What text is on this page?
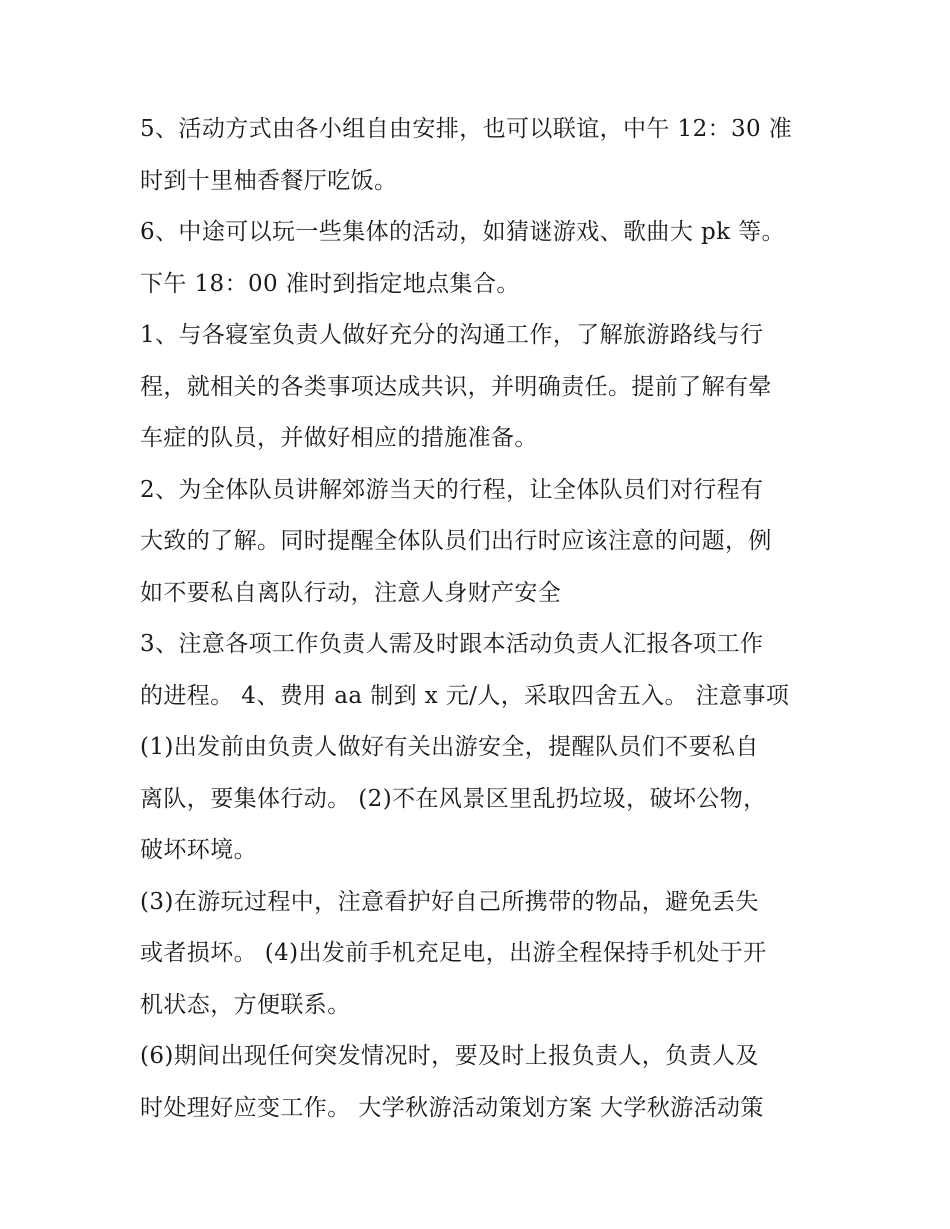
5、活动方式由各小组自由安排，也可以联谊，中午 12：30 准
时到十里柚香餐厅吃饭。
6、中途可以玩一些集体的活动，如猜谜游戏、歌曲大 pk 等。
下午 18：00 准时到指定地点集合。
1、与各寝室负责人做好充分的沟通工作，了解旅游路线与行
程，就相关的各类事项达成共识，并明确责任。提前了解有晕
车症的队员，并做好相应的措施准备。
2、为全体队员讲解郊游当天的行程，让全体队员们对行程有
大致的了解。同时提醒全体队员们出行时应该注意的问题，例
如不要私自离队行动，注意人身财产安全
3、注意各项工作负责人需及时跟本活动负责人汇报各项工作
的进程。 4、费用 aa 制到 x 元/人，采取四舍五入。 注意事项
(1)出发前由负责人做好有关出游安全，提醒队员们不要私自
离队，要集体行动。 (2)不在风景区里乱扔垃圾，破坏公物，
破坏环境。
(3)在游玩过程中，注意看护好自己所携带的物品，避免丢失
或者损坏。 (4)出发前手机充足电，出游全程保持手机处于开
机状态，方便联系。
(6)期间出现任何突发情况时，要及时上报负责人，负责人及
时处理好应变工作。 大学秋游活动策划方案 大学秋游活动策
